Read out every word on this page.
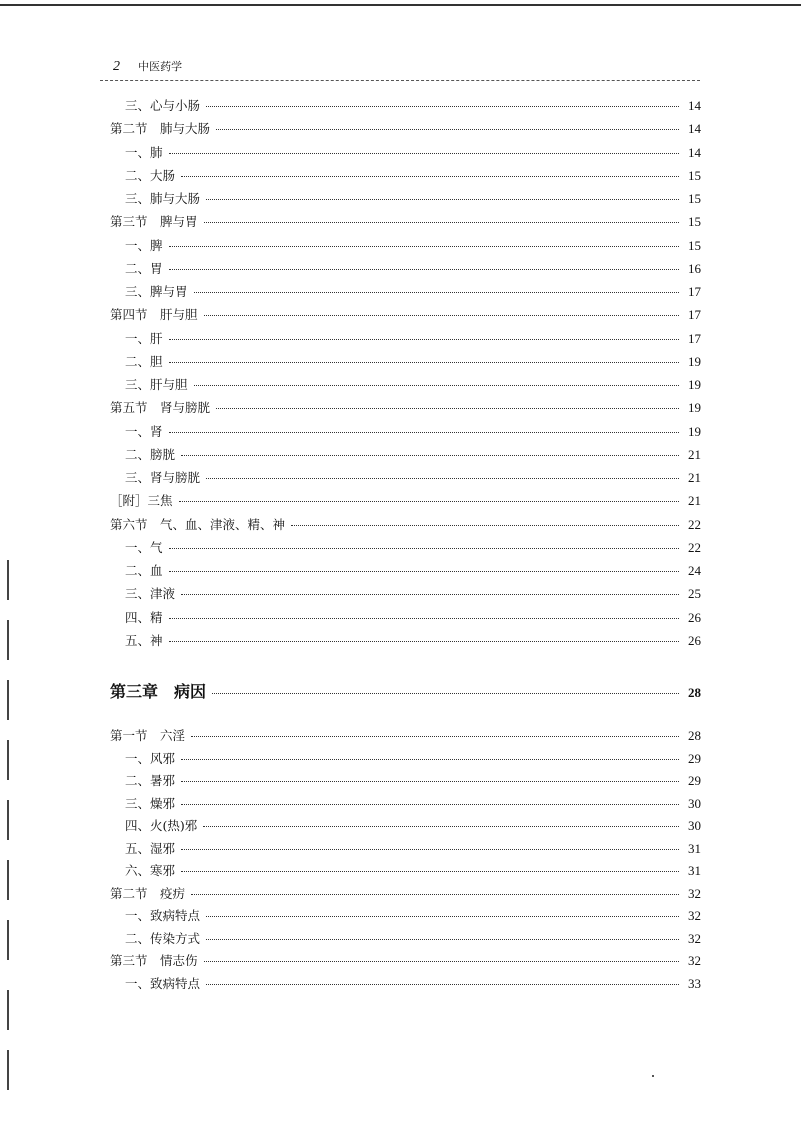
2 中医药学
三、心与小肠	14
第二节　肺与大肠	14
一、肺	14
二、大肠	15
三、肺与大肠	15
第三节　脾与胃	15
一、脾	15
二、胃	16
三、脾与胃	17
第四节　肝与胆	17
一、肝	17
二、胆	19
三、肝与胆	19
第五节　肾与膀胱	19
一、肾	19
二、膀胱	21
三、肾与膀胱	21
［附］三焦	21
第六节　气、血、津液、精、神	22
一、气	22
二、血	24
三、津液	25
四、精	26
五、神	26
第三章　病因	28
第一节　六淫	28
一、风邪	29
二、暑邪	29
三、燥邪	30
四、火(热)邪	30
五、湿邪	31
六、寒邪	31
第二节　疫疠	32
一、致病特点	32
二、传染方式	32
第三节　情志伤	32
一、致病特点	33
